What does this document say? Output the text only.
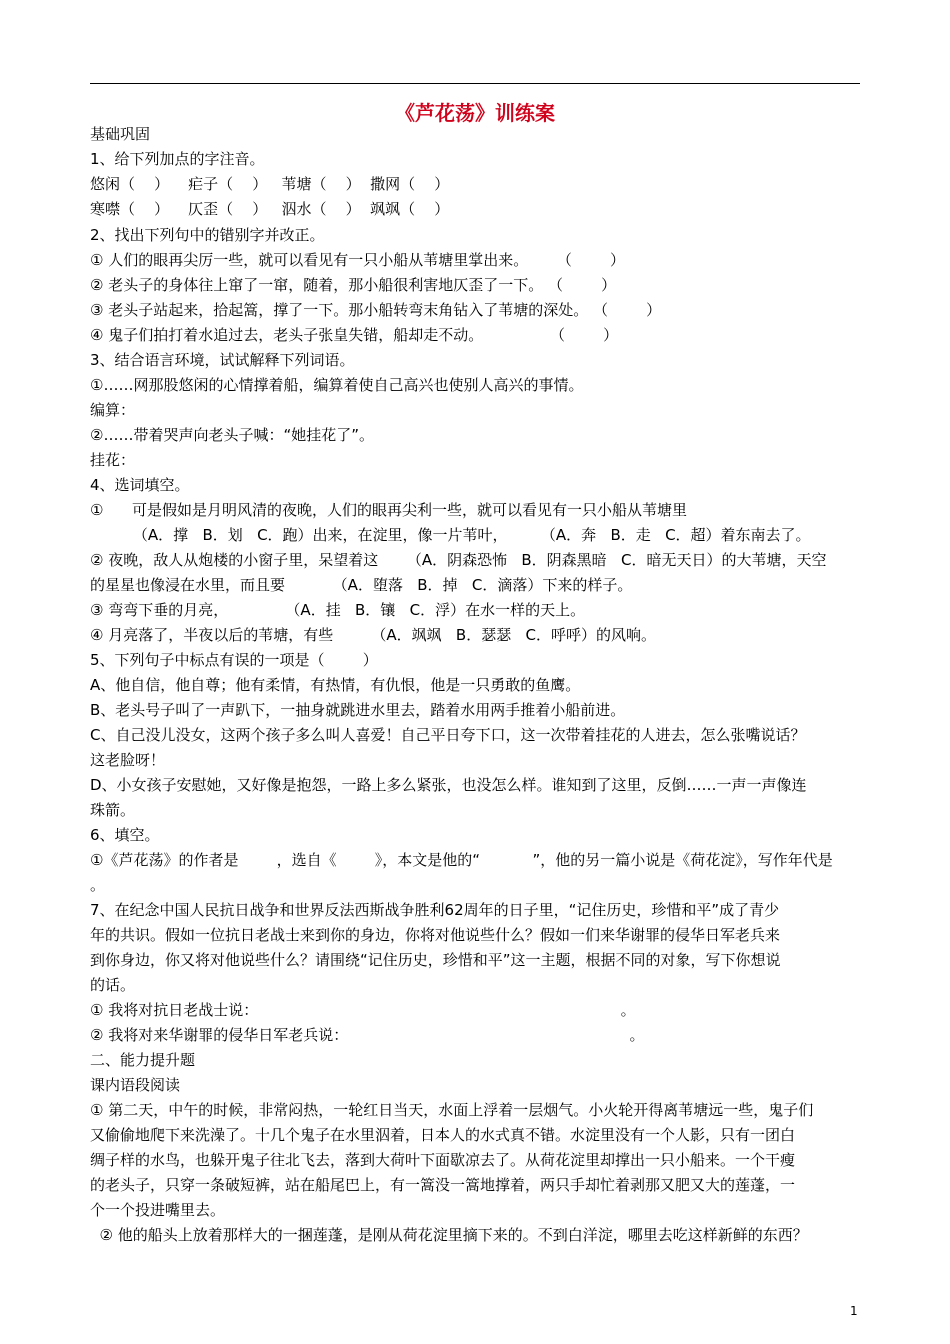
《芦花荡》训练案
基础巩固
1、给下列加点的字注音。
悠闲（    ）    疟子（    ）   苇塘（    ）  撒网（    ）
寒噤（    ）    仄歪（    ）   泅水（    ）  飒飒（    ）
2、找出下列句中的错别字并改正。
① 人们的眼再尖厉一些，就可以看见有一只小船从苇塘里掌出来。      （        ）
② 老头子的身体往上窜了一窜，随着，那小船很利害地仄歪了一下。 （        ）
③ 老头子站起来，拾起篙，撑了一下。那小船转弯末角钻入了苇塘的深处。 （        ）
④ 鬼子们拍打着水追过去，老头子张皇失错，船却走不动。              （        ）
3、结合语言环境，试试解释下列词语。
①……网那股悠闲的心情撑着船，编算着使自己高兴也使别人高兴的事情。
编算：
②……带着哭声向老头子喊：“她挂花了”。
挂花：
4、选词填空。
①      可是假如是月明风清的夜晚，人们的眼再尖利一些，就可以看见有一只小船从苇塘里
（A．撑   B．划   C．跑）出来，在淀里，像一片苇叶，       （A．奔   B．走   C．超）着东南去了。
② 夜晚，敌人从炮楼的小窗子里，呆望着这      （A．阴森恐怖   B．阴森黑暗   C．暗无天日）的大苇塘，天空
的星星也像浸在水里，而且要          （A．堕落   B．掉   C．滴落）下来的样子。
③ 弯弯下垂的月亮，            （A．挂   B．镶   C．浮）在水一样的天上。
④ 月亮落了，半夜以后的苇塘，有些        （A．飒飒   B．瑟瑟   C．呼呼）的风响。
5、下列句子中标点有误的一项是（        ）
A、他自信，他自尊；他有柔情，有热情，有仇恨，他是一只勇敢的鱼鹰。
B、老头号子叫了一声趴下，一抽身就跳进水里去，踏着水用两手推着小船前进。
C、自己没儿没女，这两个孩子多么叫人喜爱！自己平日夸下口，这一次带着挂花的人进去，怎么张嘴说话？
这老脸呀！
D、小女孩子安慰她，又好像是抱怨，一路上多么紧张，也没怎么样。谁知到了这里，反倒……一声一声像连
珠箭。
6、填空。
①《芦花荡》的作者是        ，选自《        》，本文是他的“           ”，他的另一篇小说是《荷花淀》，写作年代是
。
7、在纪念中国人民抗日战争和世界反法西斯战争胜利62周年的日子里，“记住历史，珍惜和平”成了青少
年的共识。假如一位抗日老战士来到你的身边，你将对他说些什么？假如一们来华谢罪的侵华日军老兵来
到你身边，你又将对他说些什么？请围绕“记住历史，珍惜和平”这一主题，根据不同的对象，写下你想说
的话。
① 我将对抗日老战士说：                                                                            。
② 我将对来华谢罪的侵华日军老兵说：                                                           。
二、能力提升题
课内语段阅读
① 第二天，中午的时候，非常闷热，一轮红日当天，水面上浮着一层烟气。小火轮开得离苇塘远一些，鬼子们
又偷偷地爬下来洗澡了。十几个鬼子在水里泅着，日本人的水式真不错。水淀里没有一个人影，只有一团白
绸子样的水鸟，也躲开鬼子往北飞去，落到大荷叶下面歇凉去了。从荷花淀里却撑出一只小船来。一个干瘦
的老头子，只穿一条破短裤，站在船尾巴上，有一篙没一篙地撑着，两只手却忙着剥那又肥又大的莲蓬，一
个一个投进嘴里去。
② 他的船头上放着那样大的一捆莲蓬，是刚从荷花淀里摘下来的。不到白洋淀，哪里去吃这样新鲜的东西？
1
